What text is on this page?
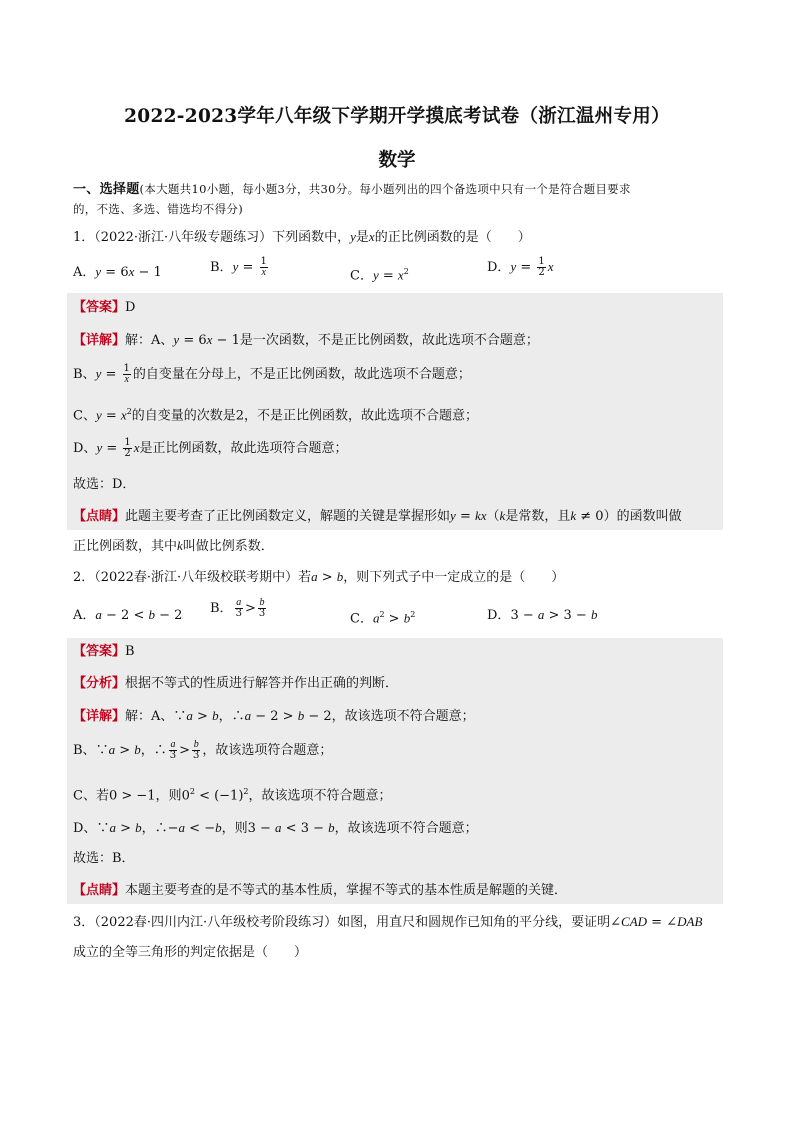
2022-2023学年八年级下学期开学摸底考试卷（浙江温州专用）
数学
一、选择题(本大题共10小题，每小题3分，共30分。每小题列出的四个备选项中只有一个是符合题目要求
的，不选、多选、错选均不得分)
1．（2022·浙江·八年级专题练习）下列函数中，y是x的正比例函数的是（　　）
A．y = 6x − 1	B．$y = \frac{1}{x}$	C．$y = x^2$	D．$y = \frac{1}{2}$ x
【答案】D
【详解】解：A、y = 6x − 1是一次函数，不是正比例函数，故此选项不合题意；
B、$y = \frac{1}{x}$ 的自变量在分母上，不是正比例函数，故此选项不合题意；
C、$y = x^2$的自变量的次数是2，不是正比例函数，故此选项不合题意；
D、$y = \frac{1}{2}$ x是正比例函数，故此选项符合题意；
故选：D．
【点睛】此题主要考查了正比例函数定义，解题的关键是掌握形如y = kx（k是常数，且k ≠ 0）的函数叫做
正比例函数，其中k叫做比例系数．
2．（2022春·浙江·八年级校联考期中）若a > b，则下列式子中一定成立的是（　　）
A．a − 2 < b − 2 B． $\frac{a}{3} > \frac{b}{3}$	C．$a^2 > b^2$	D．3 − a > 3 − b
【答案】B
【分析】根据不等式的性质进行解答并作出正确的判断．
【详解】解：A、∵a > b，∴a − 2 > b − 2，故该选项不符合题意；
B、∵a > b，∴ $\frac{a}{3} > \frac{b}{3}$ ，故该选项符合题意；
C、若0 > −1，则$0^2 < (-1)^2$，故该选项不符合题意；
D、∵a > b，∴−a < −b，则3 − a < 3 − b，故该选项不符合题意；
故选：B．
【点睛】本题主要考查的是不等式的基本性质，掌握不等式的基本性质是解题的关键．
3．（2022春·四川内江·八年级校考阶段练习）如图，用直尺和圆规作已知角的平分线，要证明∠CAD = ∠DAB
成立的全等三角形的判定依据是（　　）
